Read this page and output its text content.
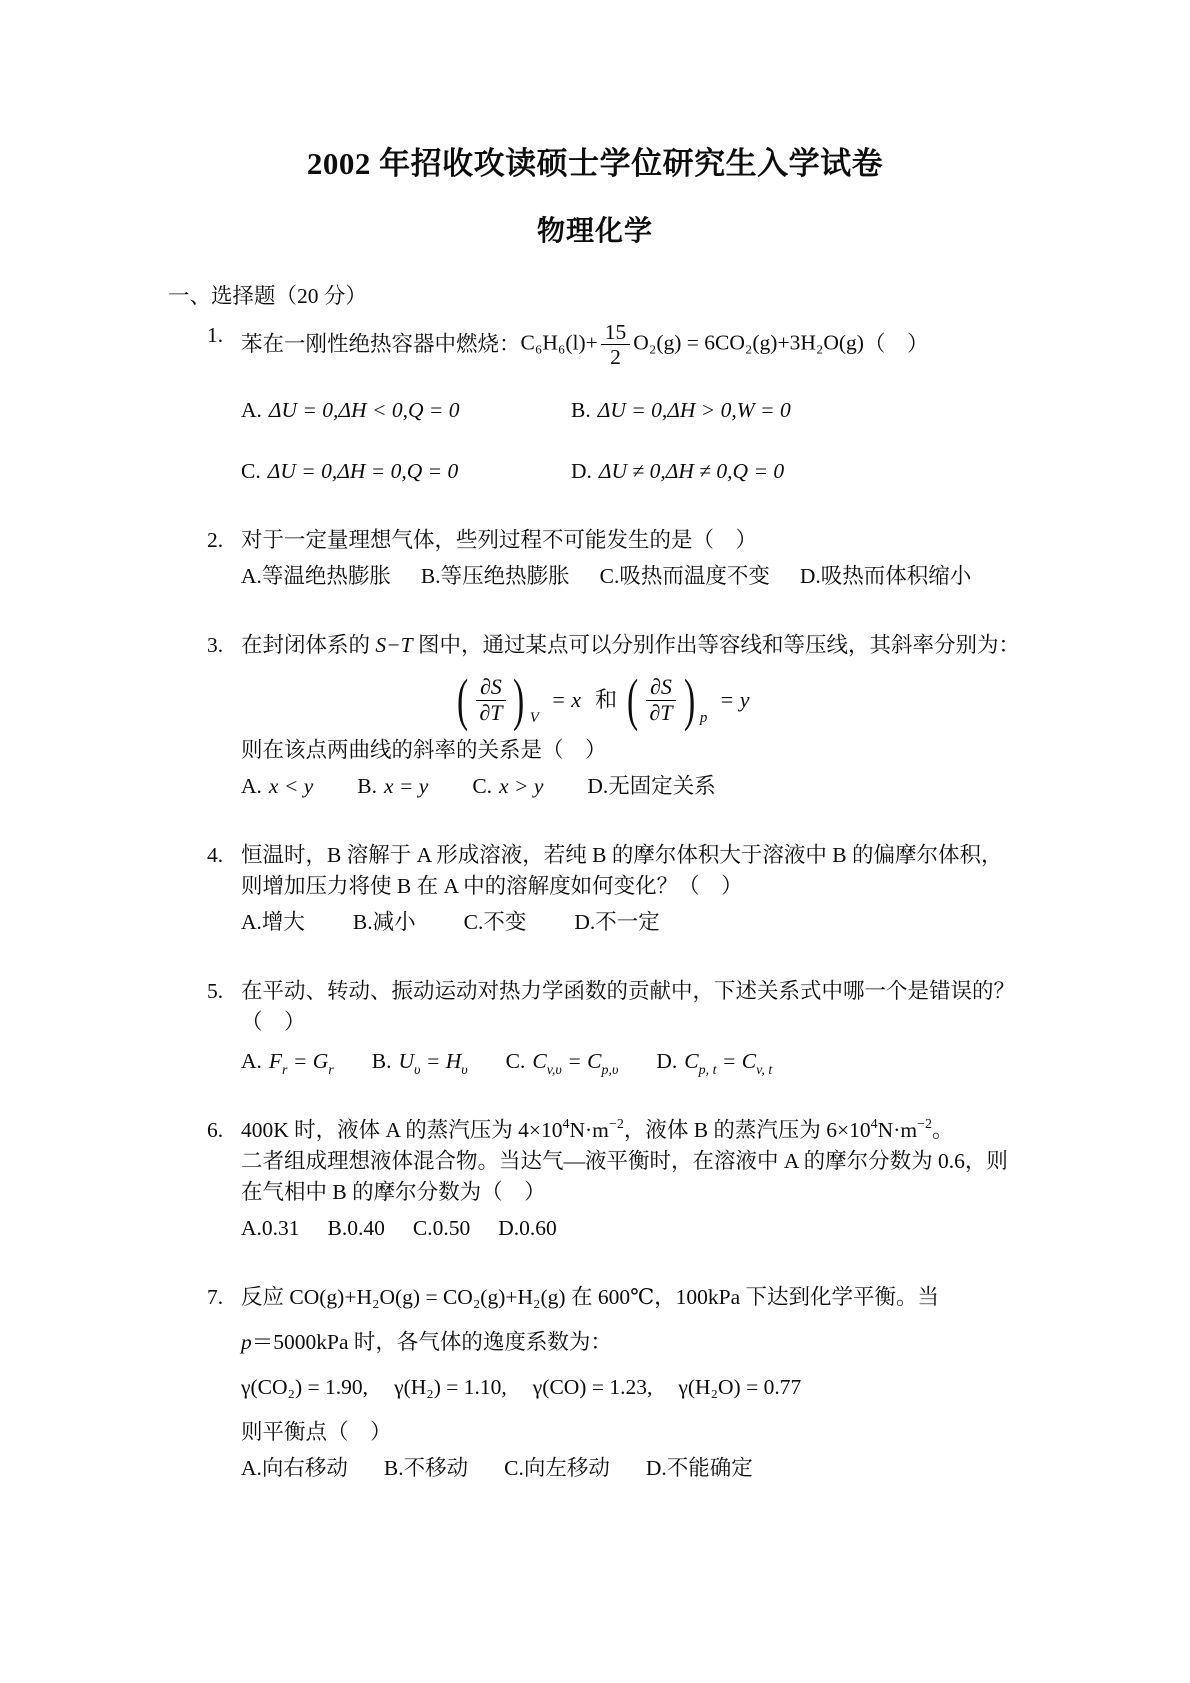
2002 年招收攻读硕士学位研究生入学试卷
物理化学
一、选择题（20 分）
1. 苯在一刚性绝热容器中燃烧： $C_6H_6(l)+ \frac{15}{2} O_2(g) = 6CO_2(g)+3H_2O(g)$ （　）
A. ΔU = 0,ΔH < 0,Q = 0	B. ΔU = 0,ΔH > 0,W = 0
C. ΔU = 0,ΔH = 0,Q = 0	D. ΔU ≠ 0,ΔH ≠ 0,Q = 0
2. 对于一定量理想气体，些列过程不可能发生的是（　）
A.等温绝热膨胀 B.等压绝热膨胀 C.吸热而温度不变 D.吸热而体积缩小
3. 在封闭体系的 S−T 图中，通过某点可以分别作出等容线和等压线，其斜率分别为：
( $\frac{\partial S}{\partial T}$ ) V
= x 和 ( $\frac{\partial S}{\partial T}$ ) p
= y
则在该点两曲线的斜率的关系是（　）
A. x < y B. x = y C. x > y D.无固定关系
4. 恒温时，B 溶解于 A 形成溶液，若纯 B 的摩尔体积大于溶液中 B 的偏摩尔体积，
则增加压力将使 B 在 A 中的溶解度如何变化？（　）
A.增大 B.减小 C.不变 D.不一定
5. 在平动、转动、振动运动对热力学函数的贡献中，下述关系式中哪一个是错误的？
（　）
A. $F_r = G_r$ B. $U_\upsilon = H_\upsilon$ C. $C_{v,\upsilon} = C_{p,\upsilon}$ D. $C_{p, t} = C_{v, t}$
6. 400K 时，液体 A 的蒸汽压为 $4\times 10^4N\cdot m^{-2}$，液体 B 的蒸汽压为 $6\times 10^4N\cdot m^{-2}$。
二者组成理想液体混合物。当达气—液平衡时，在溶液中 A 的摩尔分数为 0.6，则
在气相中 B 的摩尔分数为（　）
A.0.31 B.0.40 C.0.50 D.0.60
7. 反应 CO(g)+H₂O(g) = CO₂(g)+H₂(g) 在 600℃，100kPa 下达到化学平衡。当
p＝5000kPa 时，各气体的逸度系数为：
γ(CO₂) = 1.90, γ(H₂) = 1.10, γ(CO) = 1.23, γ(H₂O) = 0.77
则平衡点（　）
A.向右移动 B.不移动 C.向左移动 D.不能确定
